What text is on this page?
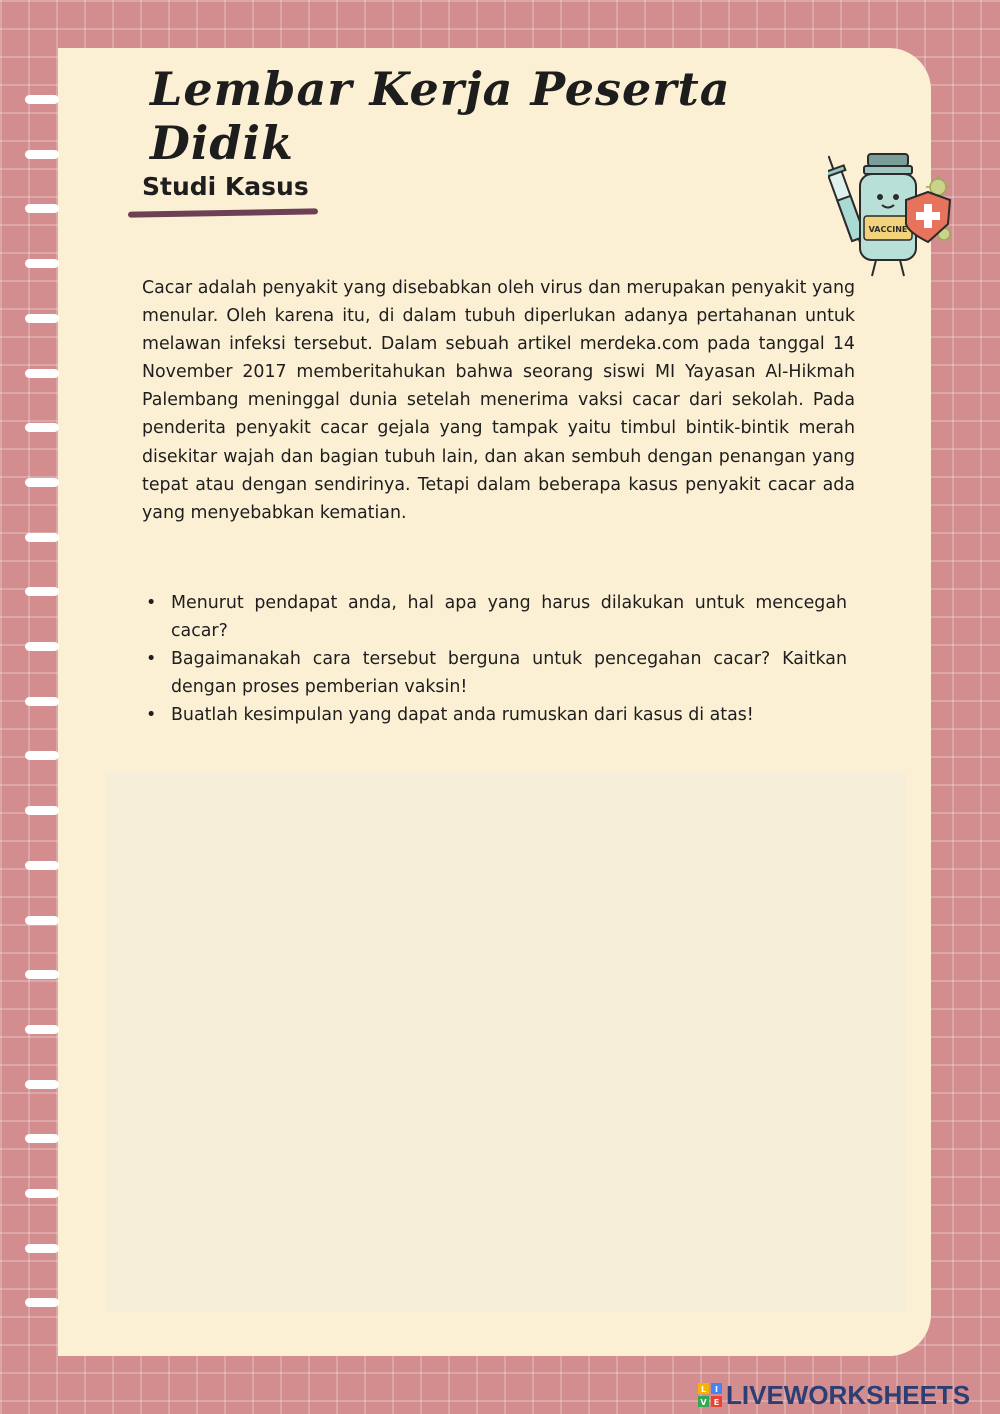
Lembar Kerja Peserta Didik
Studi Kasus

Cacar adalah penyakit yang disebabkan oleh virus dan merupakan penyakit yang menular. Oleh karena itu, di dalam tubuh diperlukan adanya pertahanan untuk melawan infeksi tersebut. Dalam sebuah artikel merdeka.com pada tanggal 14 November 2017 memberitahukan bahwa seorang siswi MI Yayasan Al-Hikmah Palembang meninggal dunia setelah menerima vaksi cacar dari sekolah. Pada penderita penyakit cacar gejala yang tampak yaitu timbul bintik-bintik merah disekitar wajah dan bagian tubuh lain, dan akan sembuh dengan penangan yang tepat atau dengan sendirinya. Tetapi dalam beberapa kasus penyakit cacar ada yang menyebabkan kematian.

• Menurut pendapat anda, hal apa yang harus dilakukan untuk mencegah cacar?
• Bagaimanakah cara tersebut berguna untuk pencegahan cacar? Kaitkan dengan proses pemberian vaksin!
• Buatlah kesimpulan yang dapat anda rumuskan dari kasus di atas!
VACCINE
L I
V E LIVEWORKSHEETS
